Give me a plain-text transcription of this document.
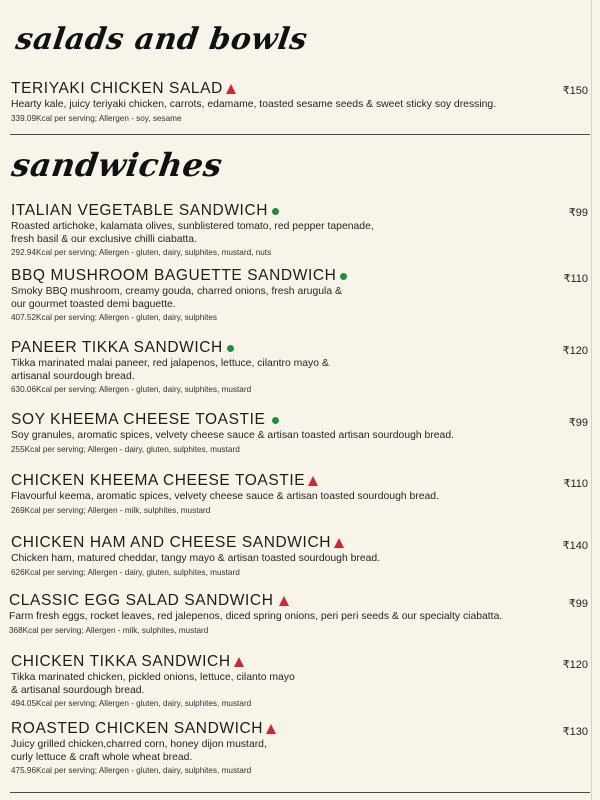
salads and bowls
TERIYAKI CHICKEN SALAD
Hearty kale, juicy teriyaki chicken, carrots, edamame, toasted sesame seeds & sweet sticky soy dressing.
339.09Kcal per serving; Allergen - soy, sesame
₹150
sandwiches
ITALIAN VEGETABLE SANDWICH
Roasted artichoke, kalamata olives, sunblistered tomato, red pepper tapenade,
fresh basil & our exclusive chilli ciabatta.
292.94Kcal per serving; Allergen - gluten, dairy, sulphites, mustard, nuts
₹99
BBQ MUSHROOM BAGUETTE SANDWICH
Smoky BBQ mushroom, creamy gouda, charred onions, fresh arugula &
our gourmet toasted demi baguette.
407.52Kcal per serving; Allergen - gluten, dairy, sulphites
₹110
PANEER TIKKA SANDWICH
Tikka marinated malai paneer, red jalapenos, lettuce, cilantro mayo &
artisanal sourdough bread.
630.06Kcal per serving; Allergen - gluten, dairy, sulphites, mustard
₹120
SOY KHEEMA CHEESE TOASTIE
Soy granules, aromatic spices, velvety cheese sauce & artisan toasted artisan sourdough bread.
255Kcal per serving; Allergen - dairy, gluten, sulphites, mustard
₹99
CHICKEN KHEEMA CHEESE TOASTIE
Flavourful keema, aromatic spices, velvety cheese sauce & artisan toasted sourdough bread.
269Kcal per serving; Allergen - milk, sulphites, mustard
₹110
CHICKEN HAM AND CHEESE SANDWICH
Chicken ham, matured cheddar, tangy mayo & artisan toasted sourdough bread.
626Kcal per serving; Allergen - dairy, gluten, sulphites, mustard
₹140
CLASSIC EGG SALAD SANDWICH
Farm fresh eggs, rocket leaves, red jalepenos, diced spring onions, peri peri seeds & our specialty ciabatta.
368Kcal per serving; Allergen - milk, sulphites, mustard
₹99
CHICKEN TIKKA SANDWICH
Tikka marinated chicken, pickled onions, lettuce, cilanto mayo
& artisanal sourdough bread.
494.05Kcal per serving; Allergen - gluten, dairy, sulphites, mustard
₹120
ROASTED CHICKEN SANDWICH
Juicy grilled chicken,charred corn, honey dijon mustard,
curly lettuce & craft whole wheat bread.
475.96Kcal per serving; Allergen - gluten, dairy, sulphites, mustard
₹130
